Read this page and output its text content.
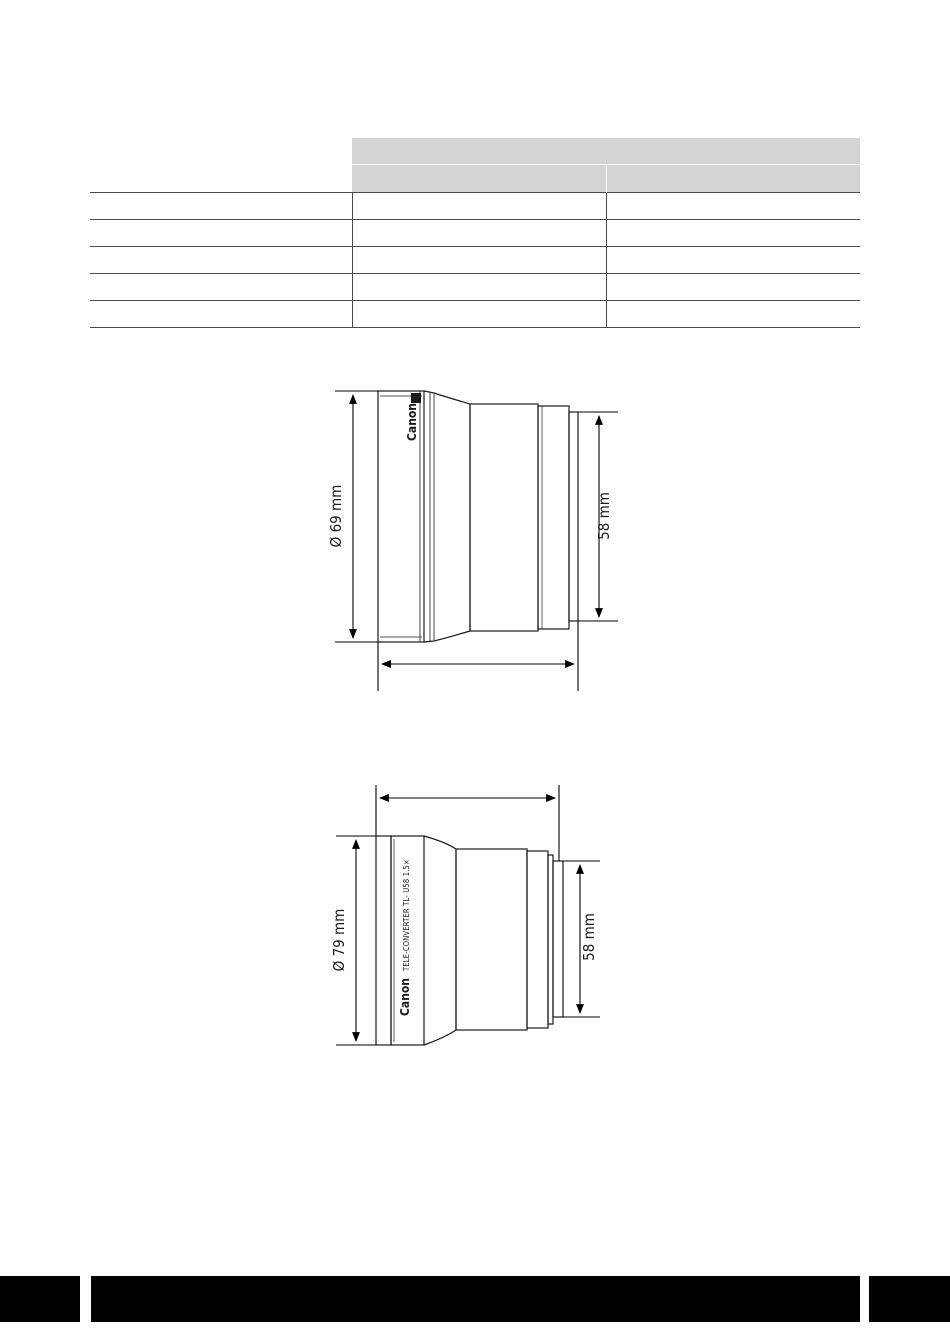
Canon
Ø 69 mm	58 mm
Canon
TELE-CONVERTER TL- U58 1.5×
Ø 79 mm	58 mm
